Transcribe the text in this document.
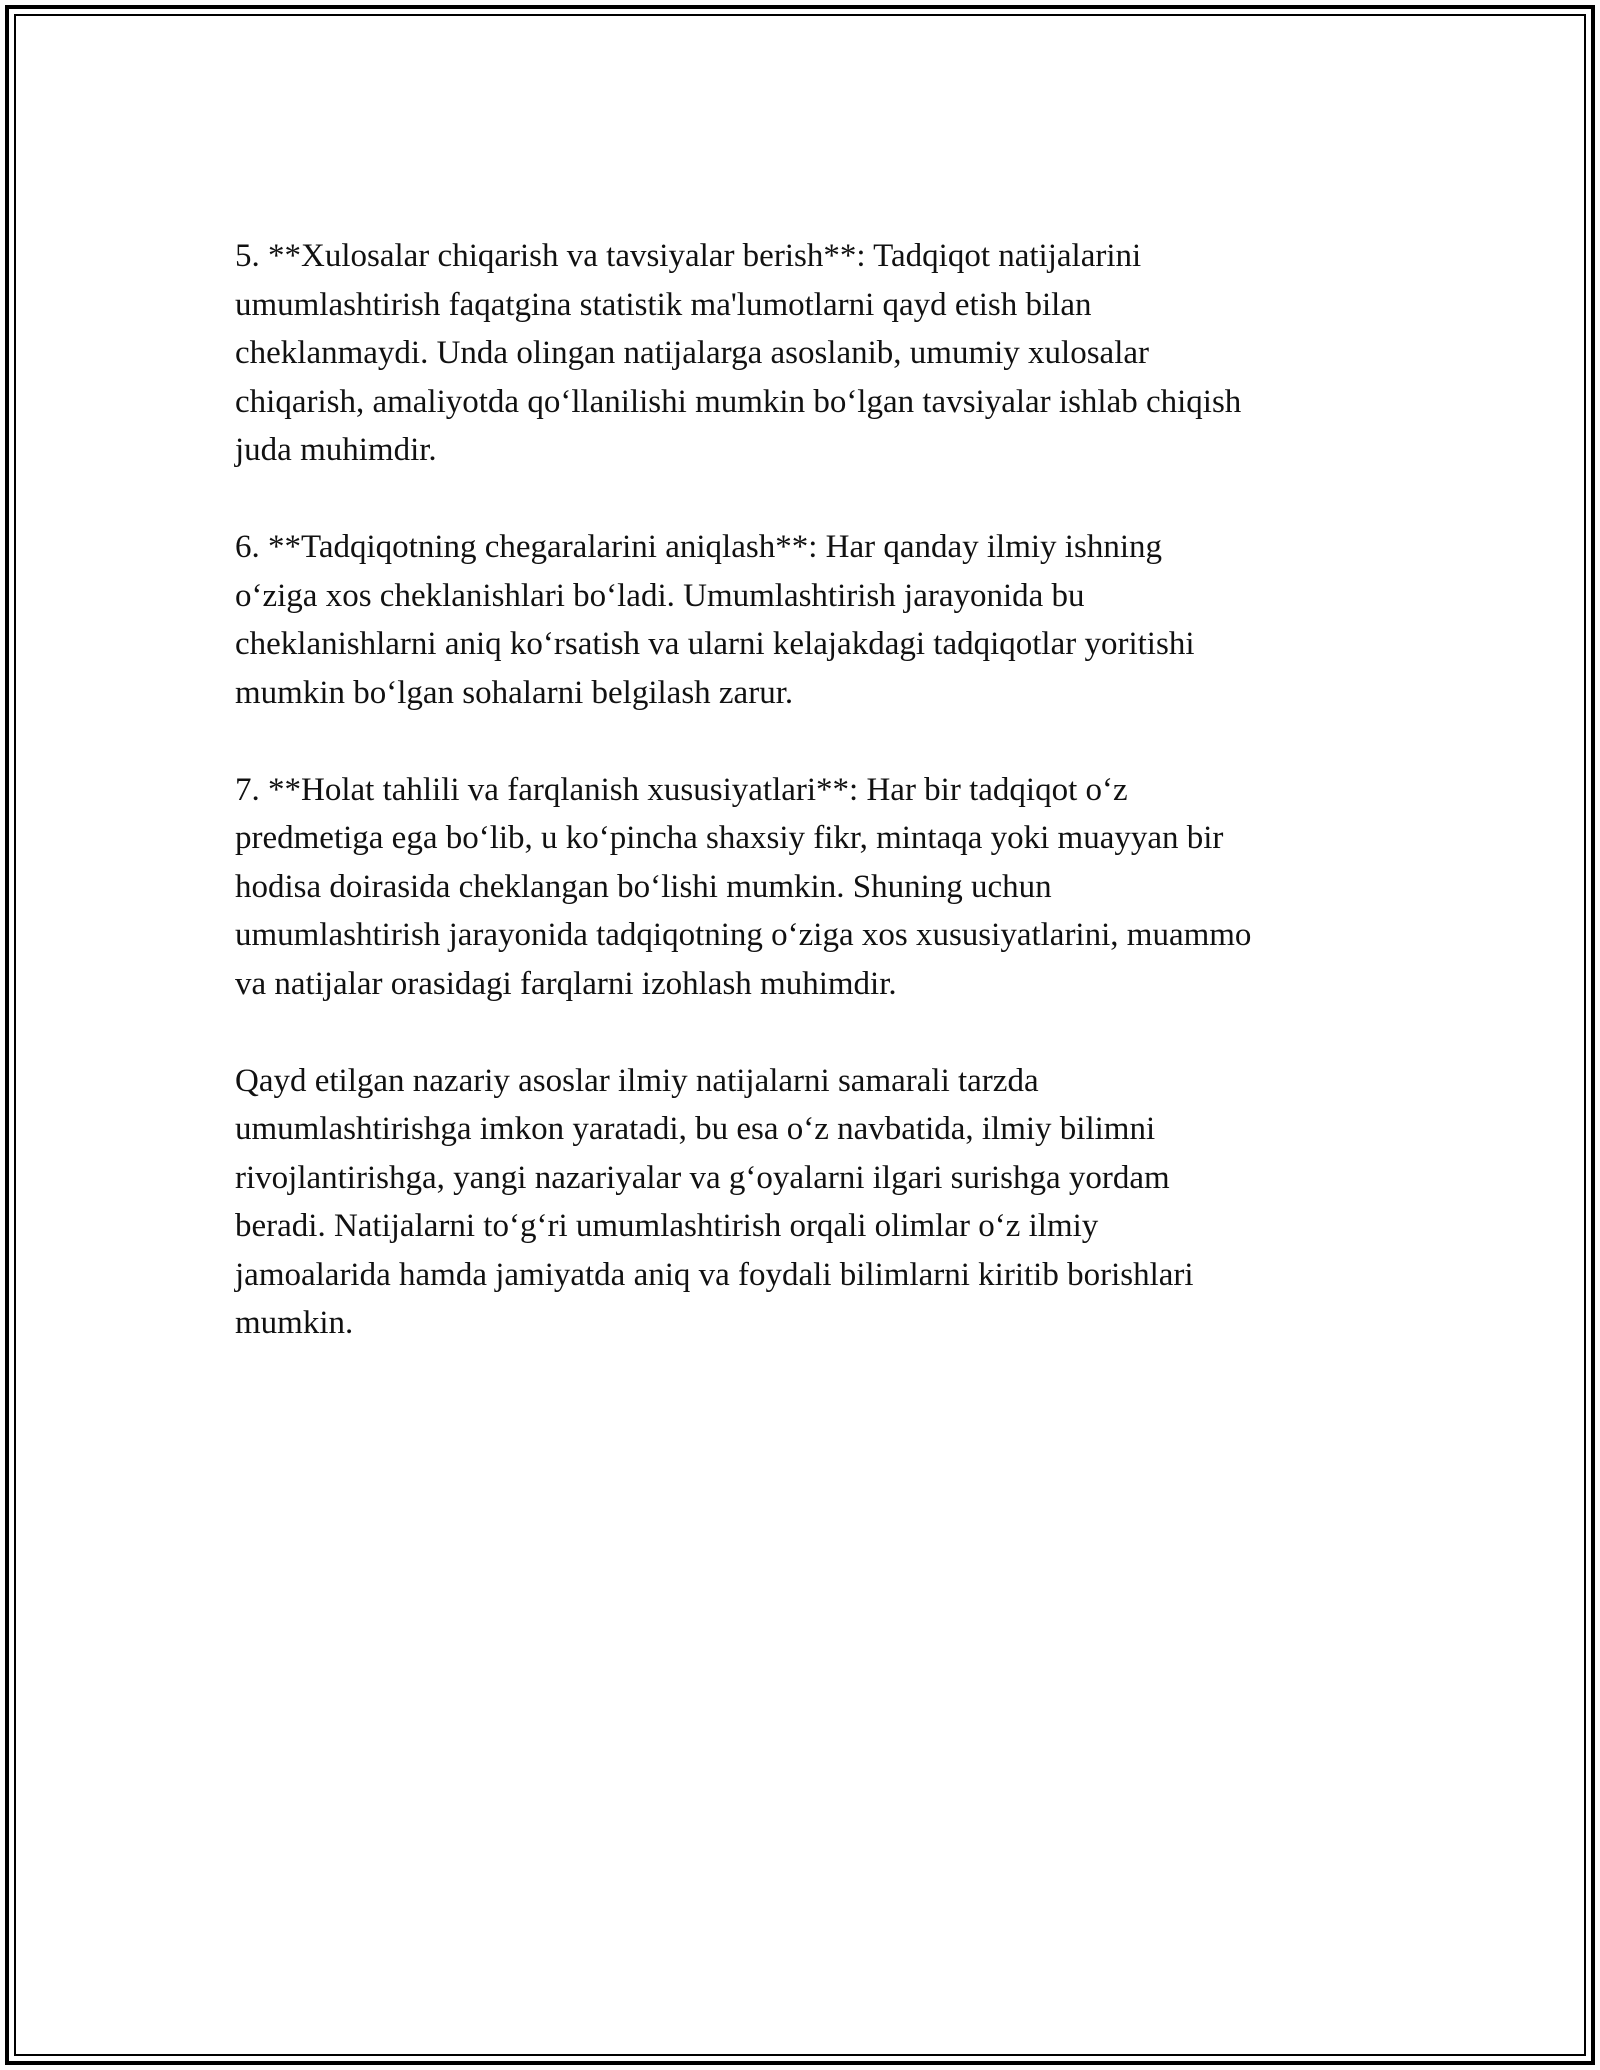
5. **Xulosalar chiqarish va tavsiyalar berish**: Tadqiqot natijalarini
umumlashtirish faqatgina statistik ma'lumotlarni qayd etish bilan
cheklanmaydi. Unda olingan natijalarga asoslanib, umumiy xulosalar
chiqarish, amaliyotda qo‘llanilishi mumkin bo‘lgan tavsiyalar ishlab chiqish
juda muhimdir.

6. **Tadqiqotning chegaralarini aniqlash**: Har qanday ilmiy ishning
o‘ziga xos cheklanishlari bo‘ladi. Umumlashtirish jarayonida bu
cheklanishlarni aniq ko‘rsatish va ularni kelajakdagi tadqiqotlar yoritishi
mumkin bo‘lgan sohalarni belgilash zarur.

7. **Holat tahlili va farqlanish xususiyatlari**: Har bir tadqiqot o‘z
predmetiga ega bo‘lib, u ko‘pincha shaxsiy fikr, mintaqa yoki muayyan bir
hodisa doirasida cheklangan bo‘lishi mumkin. Shuning uchun
umumlashtirish jarayonida tadqiqotning o‘ziga xos xususiyatlarini, muammo
va natijalar orasidagi farqlarni izohlash muhimdir.

Qayd etilgan nazariy asoslar ilmiy natijalarni samarali tarzda
umumlashtirishga imkon yaratadi, bu esa o‘z navbatida, ilmiy bilimni
rivojlantirishga, yangi nazariyalar va g‘oyalarni ilgari surishga yordam
beradi. Natijalarni to‘g‘ri umumlashtirish orqali olimlar o‘z ilmiy
jamoalarida hamda jamiyatda aniq va foydali bilimlarni kiritib borishlari
mumkin.
